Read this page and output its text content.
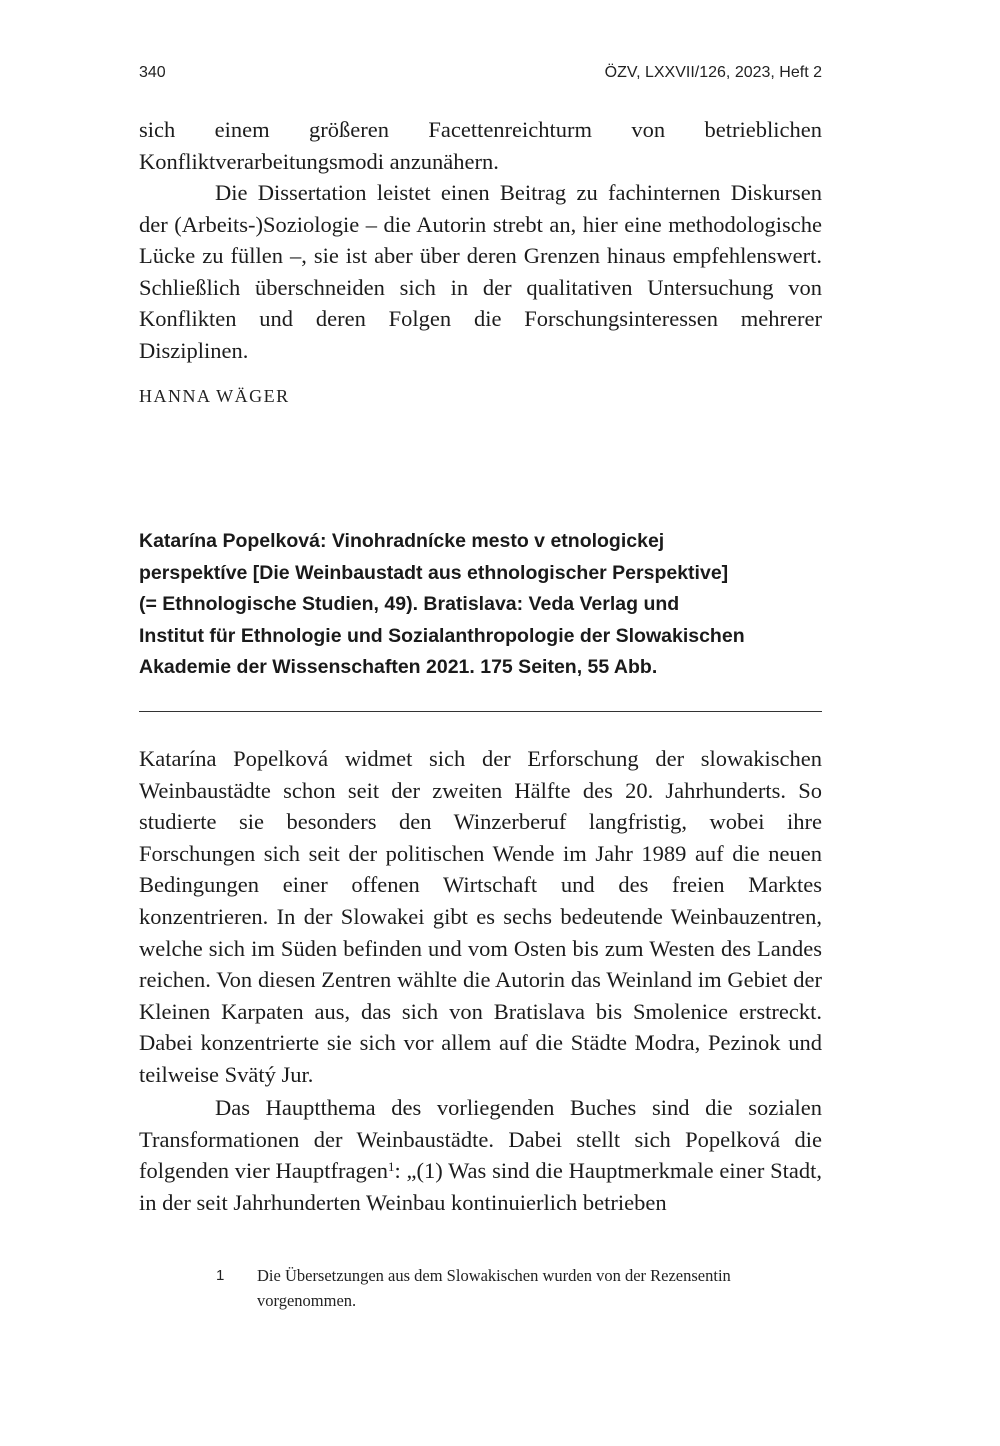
340	ÖZV, LXXVII/126, 2023, Heft 2

sich einem größeren Facettenreichturm von betrieblichen Konfliktverarbeitungsmodi anzunähern.

Die Dissertation leistet einen Beitrag zu fachinternen Diskursen der (Arbeits-)Soziologie – die Autorin strebt an, hier eine methodologische Lücke zu füllen –, sie ist aber über deren Grenzen hinaus empfehlenswert. Schließlich überschneiden sich in der qualitativen Untersuchung von Konflikten und deren Folgen die Forschungsinteressen mehrerer Disziplinen.

HANNA WÄGER
Katarína Popelková: Vinohradnícke mesto v etnologickej
perspektíve [Die Weinbaustadt aus ethnologischer Perspektive]
(= Ethnologische Studien, 49). Bratislava: Veda Verlag und
Institut für Ethnologie und Sozialanthropologie der Slowakischen
Akademie der Wissenschaften 2021. 175 Seiten, 55 Abb.

Katarína Popelková widmet sich der Erforschung der slowakischen Weinbaustädte schon seit der zweiten Hälfte des 20. Jahrhunderts. So studierte sie besonders den Winzerberuf langfristig, wobei ihre Forschungen sich seit der politischen Wende im Jahr 1989 auf die neuen Bedingungen einer offenen Wirtschaft und des freien Marktes konzentrieren. In der Slowakei gibt es sechs bedeutende Weinbauzentren, welche sich im Süden befinden und vom Osten bis zum Westen des Landes reichen. Von diesen Zentren wählte die Autorin das Weinland im Gebiet der Kleinen Karpaten aus, das sich von Bratislava bis Smolenice erstreckt. Dabei konzentrierte sie sich vor allem auf die Städte Modra, Pezinok und teilweise Svätý Jur.

Das Hauptthema des vorliegenden Buches sind die sozialen Transformationen der Weinbaustädte. Dabei stellt sich Popelková die folgenden vier Hauptfragen$^1$: „(1) Was sind die Hauptmerkmale einer Stadt, in der seit Jahrhunderten Weinbau kontinuierlich betrieben

1 Die Übersetzungen aus dem Slowakischen wurden von der Rezensentin vorgenommen.
